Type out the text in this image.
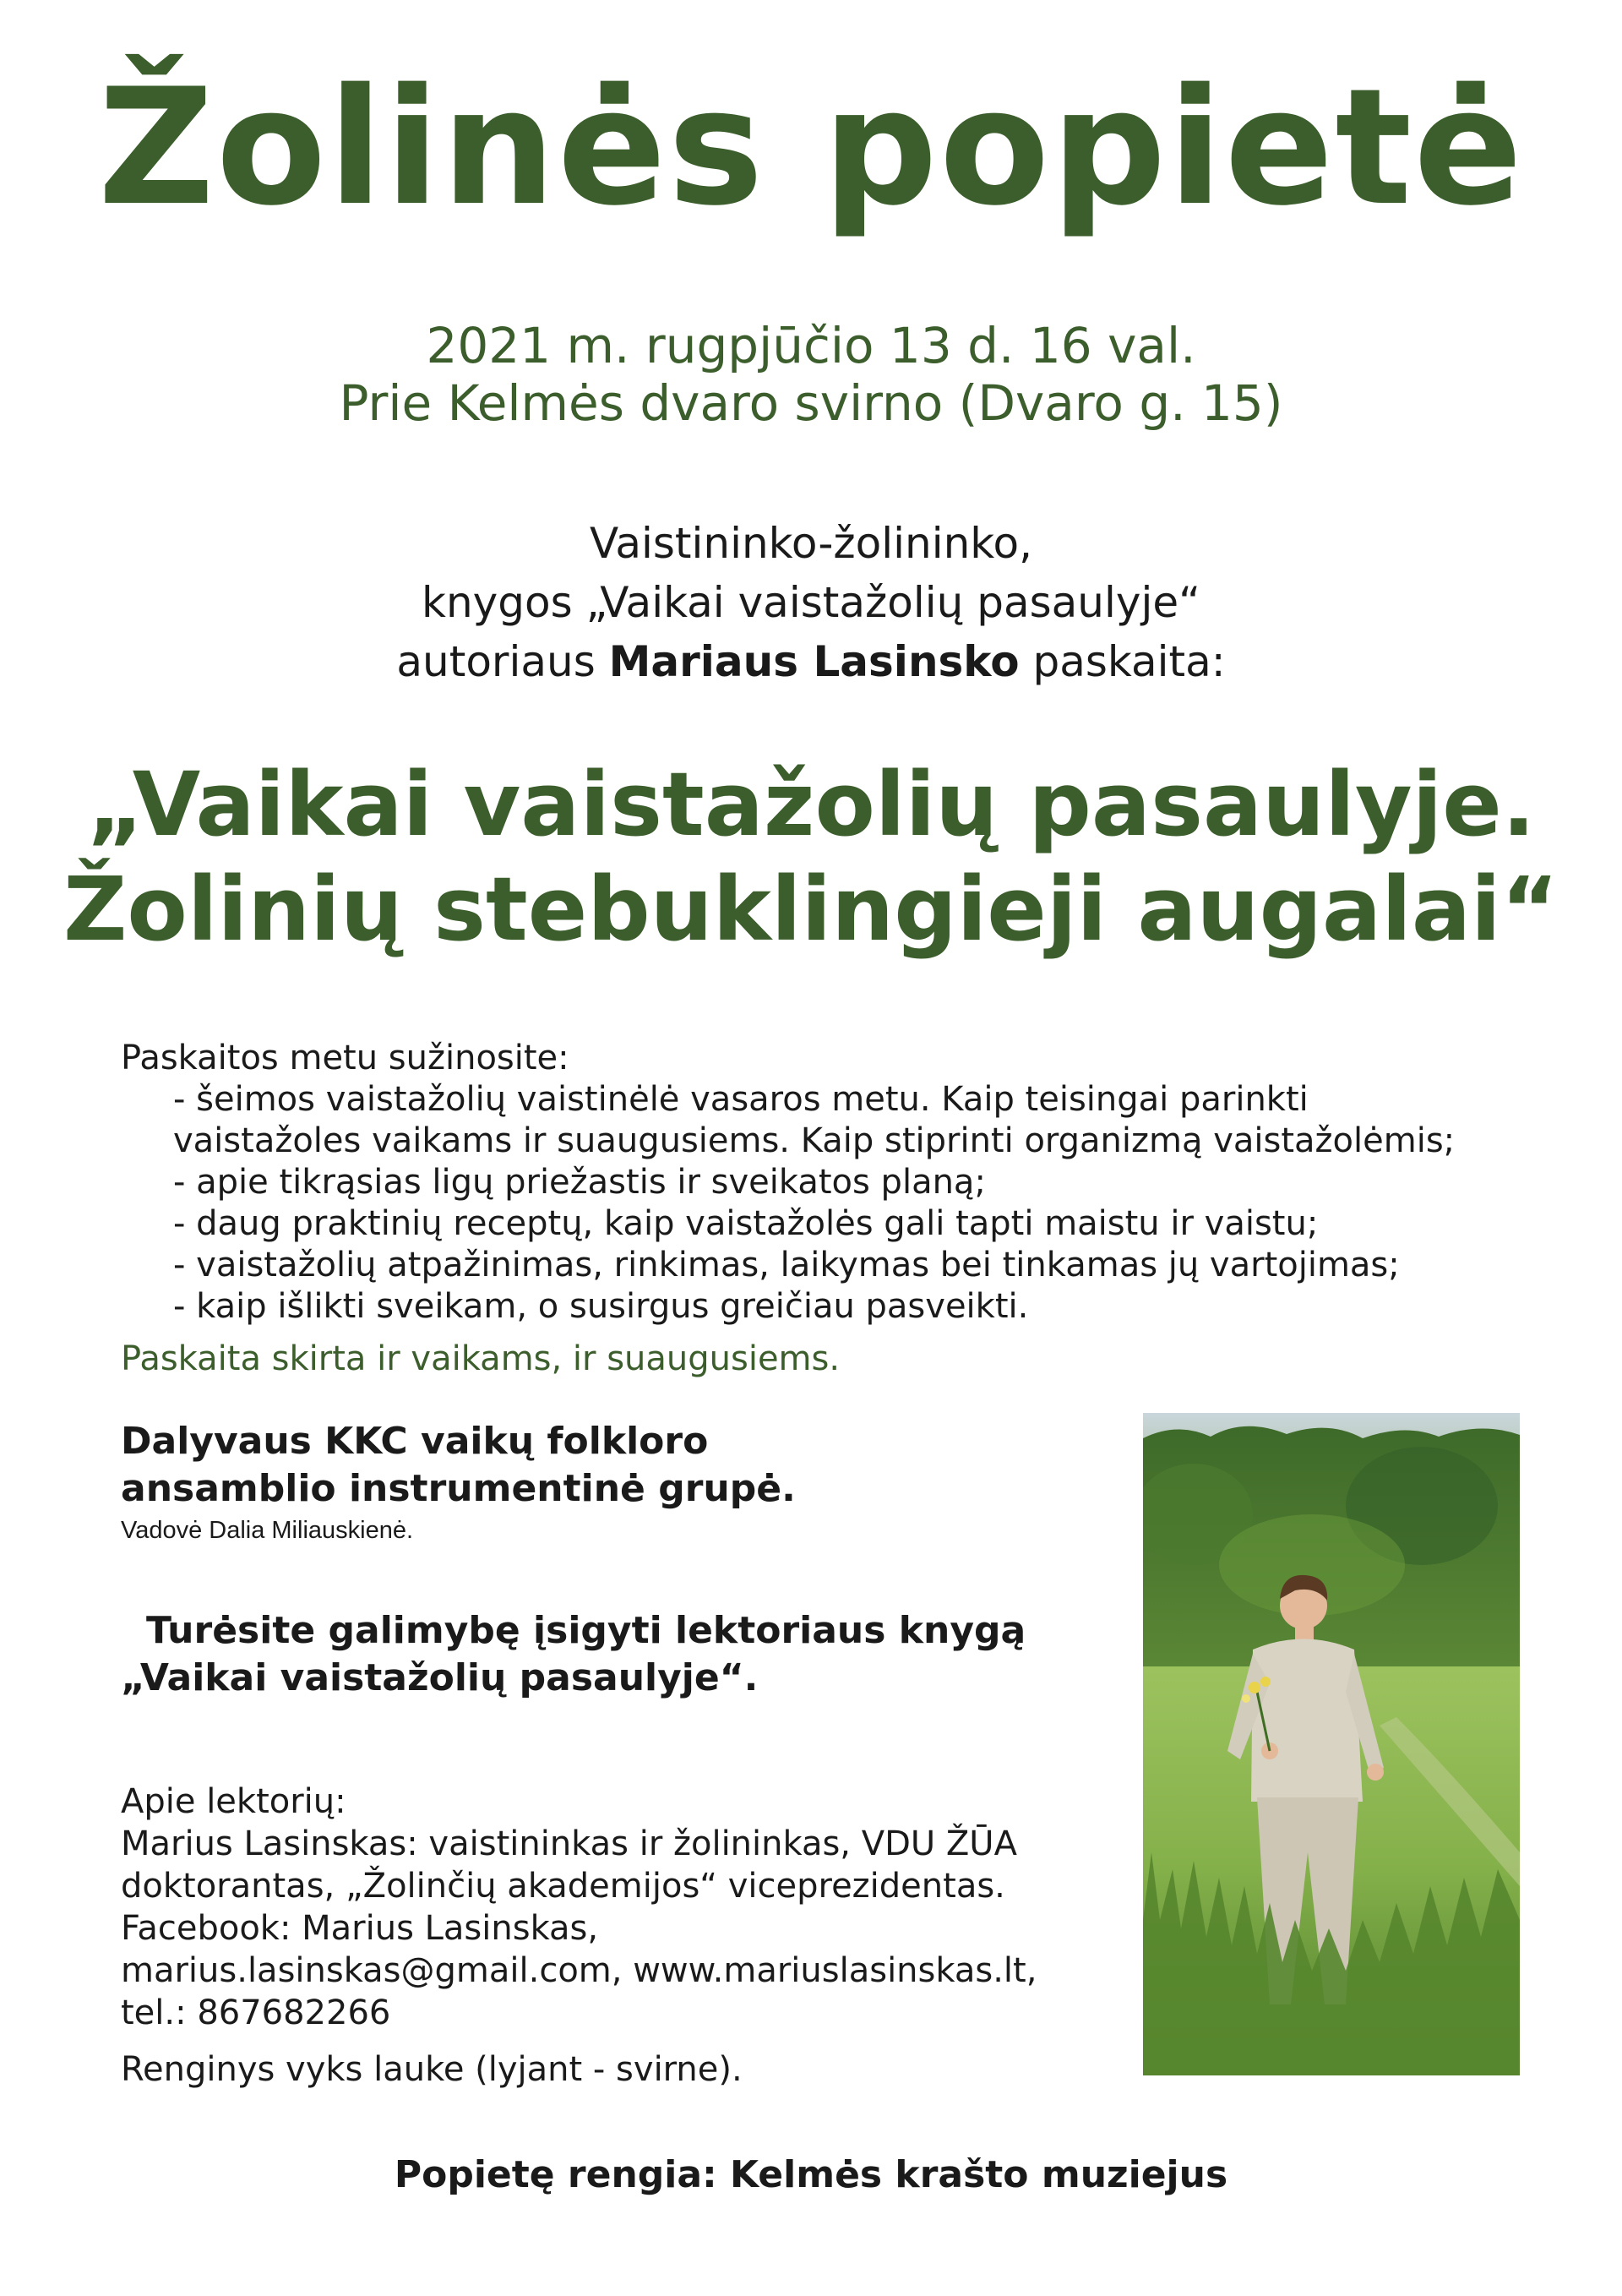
Žolinės popietė
2021 m. rugpjūčio 13 d. 16 val.
Prie Kelmės dvaro svirno (Dvaro g. 15)
Vaistininko-žolininko,
knygos „Vaikai vaistažolių pasaulyje“
autoriaus Mariaus Lasinsko paskaita:
„Vaikai vaistažolių pasaulyje.
Žolinių stebuklingieji augalai“
Paskaitos metu sužinosite:
- šeimos vaistažolių vaistinėlė vasaros metu. Kaip teisingai parinkti
vaistažoles vaikams ir suaugusiems. Kaip stiprinti organizmą vaistažolėmis;
- apie tikrąsias ligų priežastis ir sveikatos planą;
- daug praktinių receptų, kaip vaistažolės gali tapti maistu ir vaistu;
- vaistažolių atpažinimas, rinkimas, laikymas bei tinkamas jų vartojimas;
- kaip išlikti sveikam, o susirgus greičiau pasveikti.
Paskaita skirta ir vaikams, ir suaugusiems.
Dalyvaus KKC vaikų folkloro
ansamblio instrumentinė grupė.
Vadovė Dalia Miliauskienė.
Turėsite galimybę įsigyti lektoriaus knygą
„Vaikai vaistažolių pasaulyje“.
Apie lektorių:
Marius Lasinskas: vaistininkas ir žolininkas, VDU ŽŪA
doktorantas, „Žolinčių akademijos“ viceprezidentas.
Facebook: Marius Lasinskas,
marius.lasinskas@gmail.com, www.mariuslasinskas.lt,
tel.: 867682266
Renginys vyks lauke (lyjant - svirne).
Popietę rengia: Kelmės krašto muziejus
